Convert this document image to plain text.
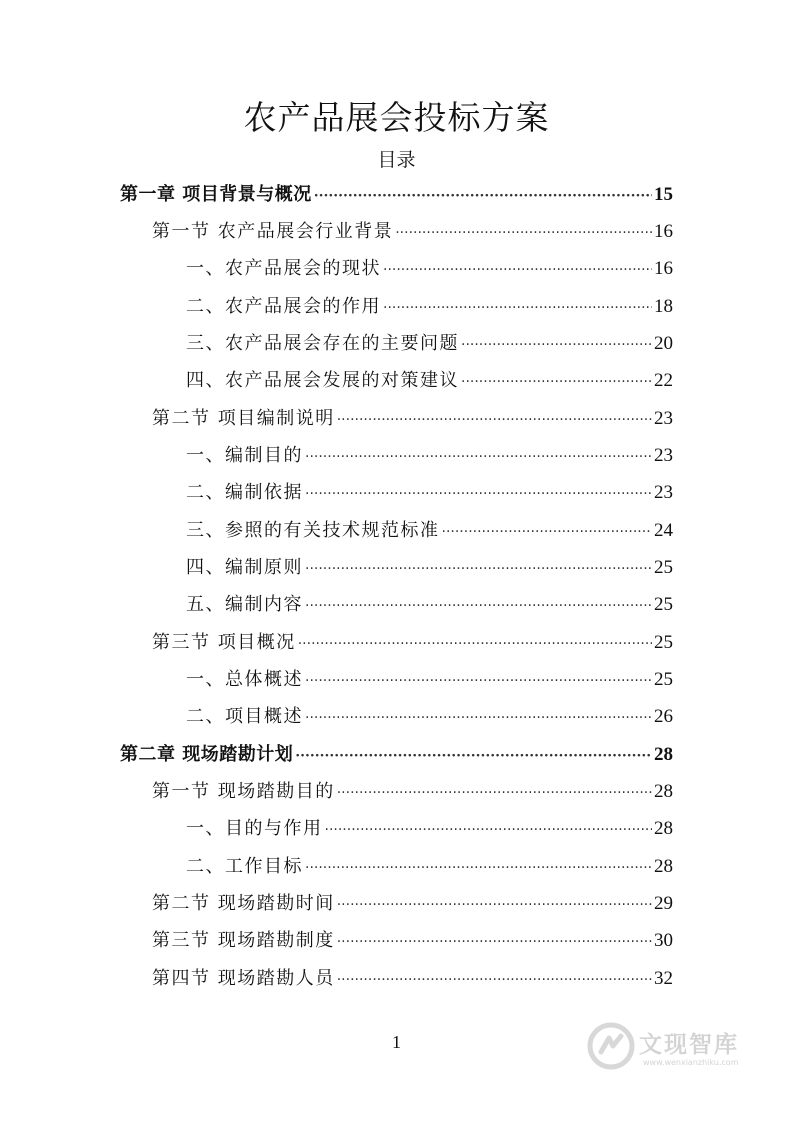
农产品展会投标方案
目录
第一章 项目背景与概况 ·····	15
第一节 农产品展会行业背景 ·····	16
一、农产品展会的现状 ·····	16
二、农产品展会的作用 ·····	18
三、农产品展会存在的主要问题 ·····	20
四、农产品展会发展的对策建议 ·····	22
第二节 项目编制说明 ·····	23
一、编制目的 ·····	23
二、编制依据 ·····	23
三、参照的有关技术规范标准 ·····	24
四、编制原则 ·····	25
五、编制内容 ·····	25
第三节 项目概况 ·····	25
一、总体概述 ·····	25
二、项目概述 ·····	26
第二章 现场踏勘计划 ·····	28
第一节 现场踏勘目的 ·····	28
一、目的与作用 ·····	28
二、工作目标 ·····	28
第二节 现场踏勘时间 ·····	29
第三节 现场踏勘制度 ·····	30
第四节 现场踏勘人员 ·····	32
1	文现智库
www.wenxianzhiku.com
